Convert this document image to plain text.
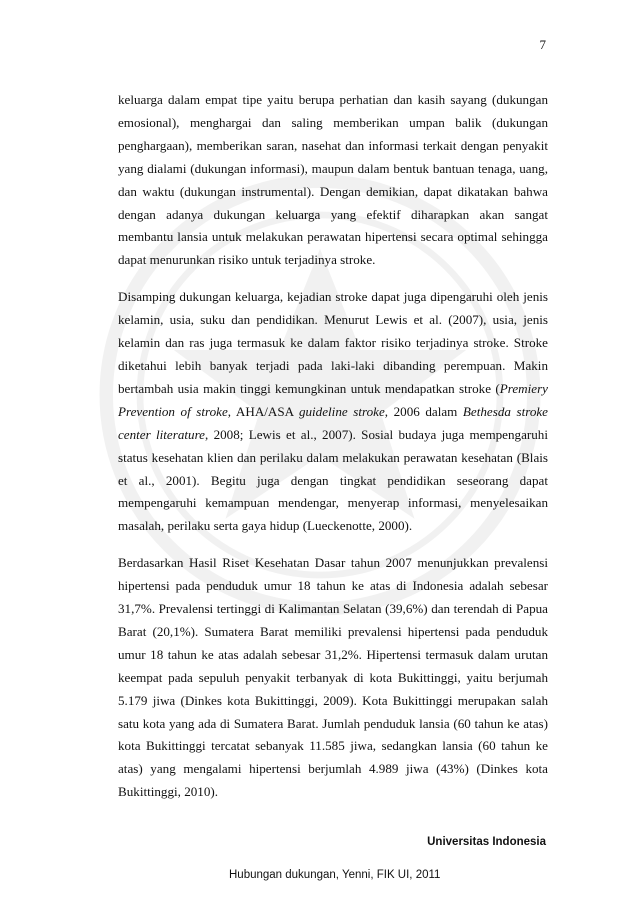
7

keluarga dalam empat tipe yaitu berupa perhatian dan kasih sayang (dukungan emosional), menghargai dan saling memberikan umpan balik (dukungan penghargaan), memberikan saran, nasehat dan informasi terkait dengan penyakit yang dialami (dukungan informasi), maupun dalam bentuk bantuan tenaga, uang, dan waktu (dukungan instrumental). Dengan demikian, dapat dikatakan bahwa dengan adanya dukungan keluarga yang efektif diharapkan akan sangat membantu lansia untuk melakukan perawatan hipertensi secara optimal sehingga dapat menurunkan risiko untuk terjadinya stroke.

Disamping dukungan keluarga, kejadian stroke dapat juga dipengaruhi oleh jenis kelamin, usia, suku dan pendidikan. Menurut Lewis et al. (2007), usia, jenis kelamin dan ras juga termasuk ke dalam faktor risiko terjadinya stroke. Stroke diketahui lebih banyak terjadi pada laki-laki dibanding perempuan. Makin bertambah usia makin tinggi kemungkinan untuk mendapatkan stroke (Premiery Prevention of stroke, AHA/ASA guideline stroke, 2006 dalam Bethesda stroke center literature, 2008; Lewis et al., 2007). Sosial budaya juga mempengaruhi status kesehatan klien dan perilaku dalam melakukan perawatan kesehatan (Blais et al., 2001). Begitu juga dengan tingkat pendidikan seseorang dapat mempengaruhi kemampuan mendengar, menyerap informasi, menyelesaikan masalah, perilaku serta gaya hidup (Lueckenotte, 2000).

Berdasarkan Hasil Riset Kesehatan Dasar tahun 2007 menunjukkan prevalensi hipertensi pada penduduk umur 18 tahun ke atas di Indonesia adalah sebesar 31,7%. Prevalensi tertinggi di Kalimantan Selatan (39,6%) dan terendah di Papua Barat (20,1%). Sumatera Barat memiliki prevalensi hipertensi pada penduduk umur 18 tahun ke atas adalah sebesar 31,2%. Hipertensi termasuk dalam urutan keempat pada sepuluh penyakit terbanyak di kota Bukittinggi, yaitu berjumah 5.179 jiwa (Dinkes kota Bukittinggi, 2009). Kota Bukittinggi merupakan salah satu kota yang ada di Sumatera Barat. Jumlah penduduk lansia (60 tahun ke atas) kota Bukittinggi tercatat sebanyak 11.585 jiwa, sedangkan lansia (60 tahun ke atas) yang mengalami hipertensi berjumlah 4.989 jiwa (43%) (Dinkes kota Bukittinggi, 2010).

Universitas Indonesia
Hubungan dukungan, Yenni, FIK UI, 2011
